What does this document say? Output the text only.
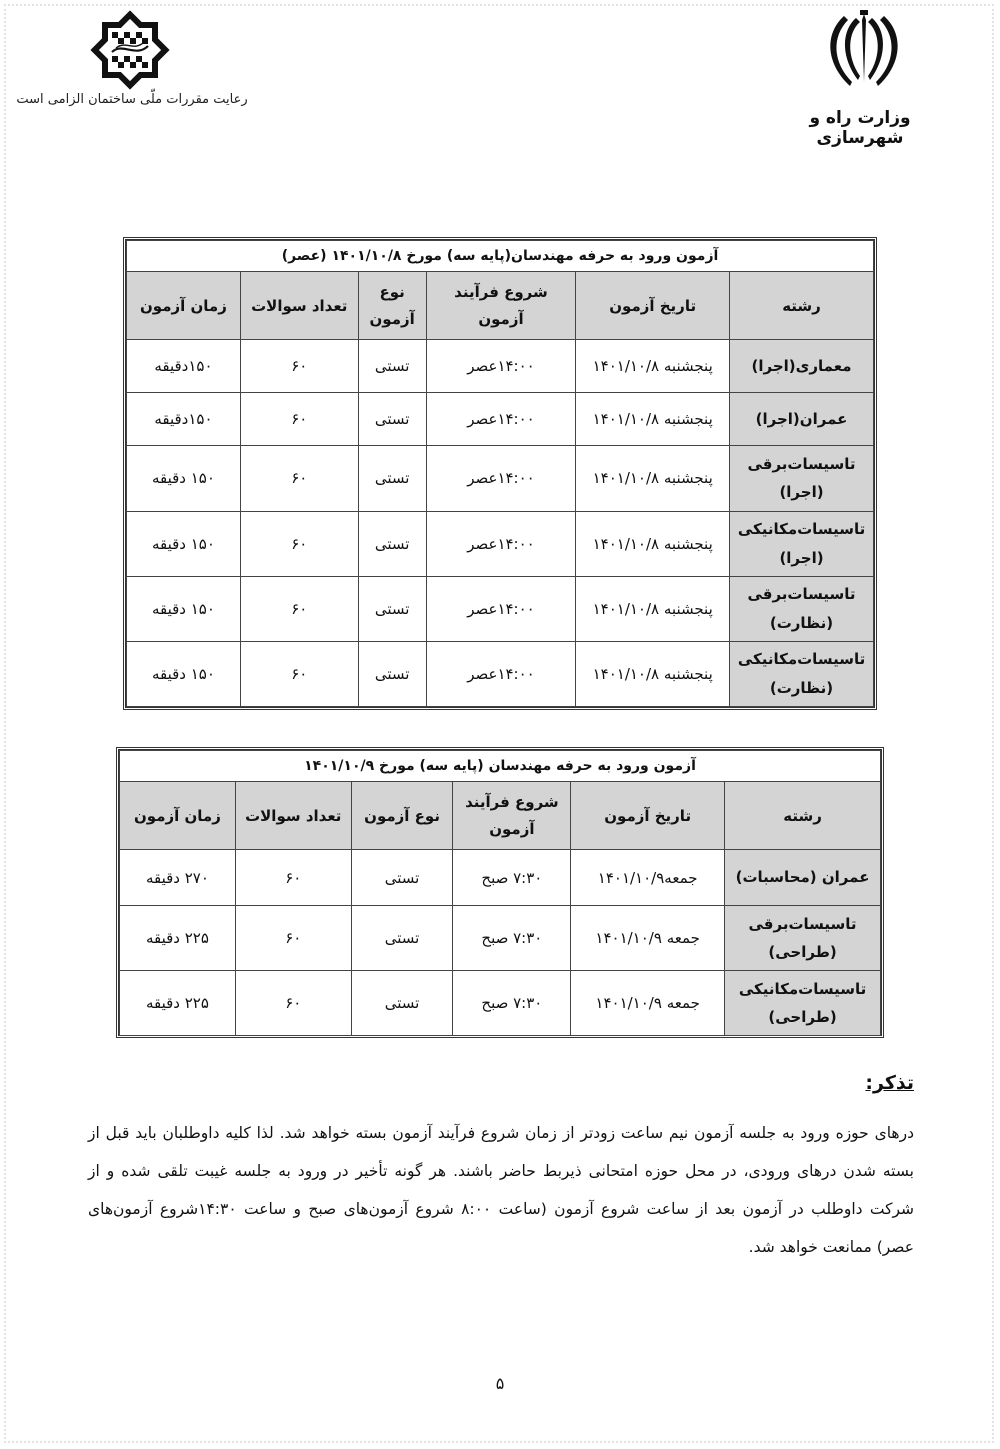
رعایت مقررات ملّی ساختمان الزامی است
وزارت راه و شهرسازی
آزمون ورود به حرفه مهندسان(پایه سه) مورخ ۱۴۰۱/۱۰/۸ (عصر)					
رشته	تاریخ آزمون	شروع فرآیند آزمون	نوع آزمون	تعداد سوالات	زمان آزمون
معماری(اجرا)	پنجشنبه ۱۴۰۱/۱۰/۸	۱۴:۰۰عصر	تستی	۶۰	۱۵۰دقیقه
عمران(اجرا)	پنجشنبه ۱۴۰۱/۱۰/۸	۱۴:۰۰عصر	تستی	۶۰	۱۵۰دقیقه
تاسیسات‌برقی (اجرا)	پنجشنبه ۱۴۰۱/۱۰/۸	۱۴:۰۰عصر	تستی	۶۰	۱۵۰ دقیقه
تاسیسات‌مکانیکی (اجرا)	پنجشنبه ۱۴۰۱/۱۰/۸	۱۴:۰۰عصر	تستی	۶۰	۱۵۰ دقیقه
تاسیسات‌برقی (نظارت)	پنجشنبه ۱۴۰۱/۱۰/۸	۱۴:۰۰عصر	تستی	۶۰	۱۵۰ دقیقه
تاسیسات‌مکانیکی (نظارت)	پنجشنبه ۱۴۰۱/۱۰/۸	۱۴:۰۰عصر	تستی	۶۰	۱۵۰ دقیقه
آزمون ورود به حرفه مهندسان (پایه سه) مورخ ۱۴۰۱/۱۰/۹					
رشته	تاریخ آزمون	شروع فرآیند آزمون	نوع آزمون	تعداد سوالات	زمان آزمون
عمران (محاسبات)	جمعه۱۴۰۱/۱۰/۹	۷:۳۰ صبح	تستی	۶۰	۲۷۰ دقیقه
تاسیسات‌برقی (طراحی)	جمعه ۱۴۰۱/۱۰/۹	۷:۳۰ صبح	تستی	۶۰	۲۲۵ دقیقه
تاسیسات‌مکانیکی (طراحی)	جمعه ۱۴۰۱/۱۰/۹	۷:۳۰ صبح	تستی	۶۰	۲۲۵ دقیقه
تذکر:
درهای حوزه ورود به جلسه آزمون نیم ساعت زودتر از زمان شروع فرآیند آزمون بسته خواهد شد. لذا کلیه داوطلبان باید قبل از بسته شدن درهای ورودی، در محل حوزه امتحانی ذیربط حاضر باشند. هر گونه تأخیر در ورود به جلسه غیبت تلقی شده و از شرکت داوطلب در آزمون بعد از ساعت شروع آزمون (ساعت ۸:۰۰ شروع آزمون‌های صبح و ساعت ۱۴:۳۰شروع آزمون‌های عصر) ممانعت خواهد شد.
۵
